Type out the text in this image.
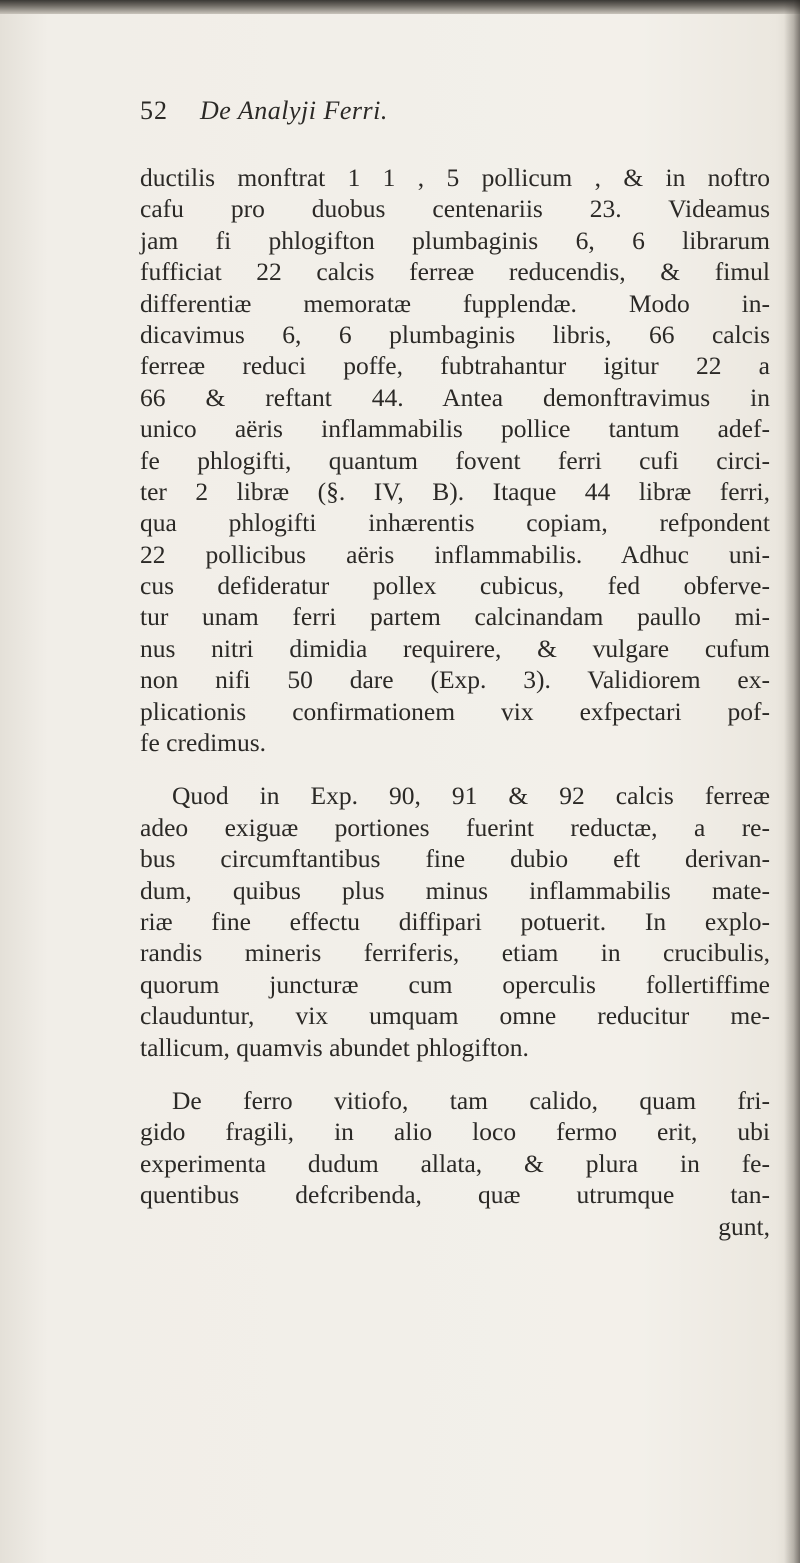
52 De Analyji Ferri.
ductilis monftrat 1 1 , 5 pollicum , & in noftro
cafu pro duobus centenariis 23. Videamus
jam fi phlogifton plumbaginis 6, 6 librarum
fufficiat 22 calcis ferreæ reducendis, & fimul
differentiæ memoratæ fupplendæ. Modo in-
dicavimus 6, 6 plumbaginis libris, 66 calcis
ferreæ reduci poffe, fubtrahantur igitur 22 a
66 & reftant 44. Antea demonftravimus in
unico aëris inflammabilis pollice tantum adef-
fe phlogifti, quantum fovent ferri cufi circi-
ter 2 libræ (§. IV, B). Itaque 44 libræ ferri,
qua phlogifti inhærentis copiam, refpondent
22 pollicibus aëris inflammabilis. Adhuc uni-
cus defideratur pollex cubicus, fed obferve-
tur unam ferri partem calcinandam paullo mi-
nus nitri dimidia requirere, & vulgare cufum
non nifi 50 dare (Exp. 3). Validiorem ex-
plicationis confirmationem vix exfpectari pof-
fe credimus.
Quod in Exp. 90, 91 & 92 calcis ferreæ
adeo exiguæ portiones fuerint reductæ, a re-
bus circumftantibus fine dubio eft derivan-
dum, quibus plus minus inflammabilis mate-
riæ fine effectu diffipari potuerit. In explo-
randis mineris ferriferis, etiam in crucibulis,
quorum juncturæ cum operculis follertiffime
clauduntur, vix umquam omne reducitur me-
tallicum, quamvis abundet phlogifton.
De ferro vitiofo, tam calido, quam fri-
gido fragili, in alio loco fermo erit, ubi
experimenta dudum allata, & plura in fe-
quentibus defcribenda, quæ utrumque tan-
gunt,
